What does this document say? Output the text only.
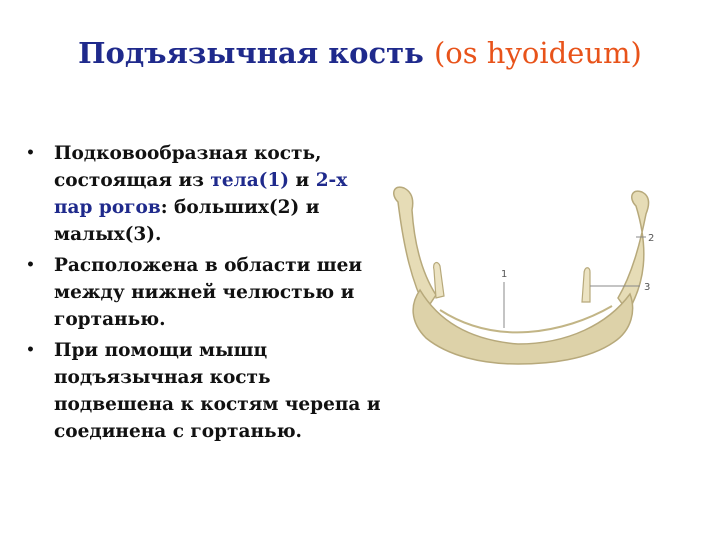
Подъязычная кость (os hyoideum)
• Подковообразная кость, состоящая из тела(1) и 2-х пар рогов: больших(2) и малых(3).
• Расположена в области шеи между нижней челюстью и гортанью.
• При помощи мышц подъязычная кость подвешена к костям черепа и соединена с гортанью.
1
2
3
